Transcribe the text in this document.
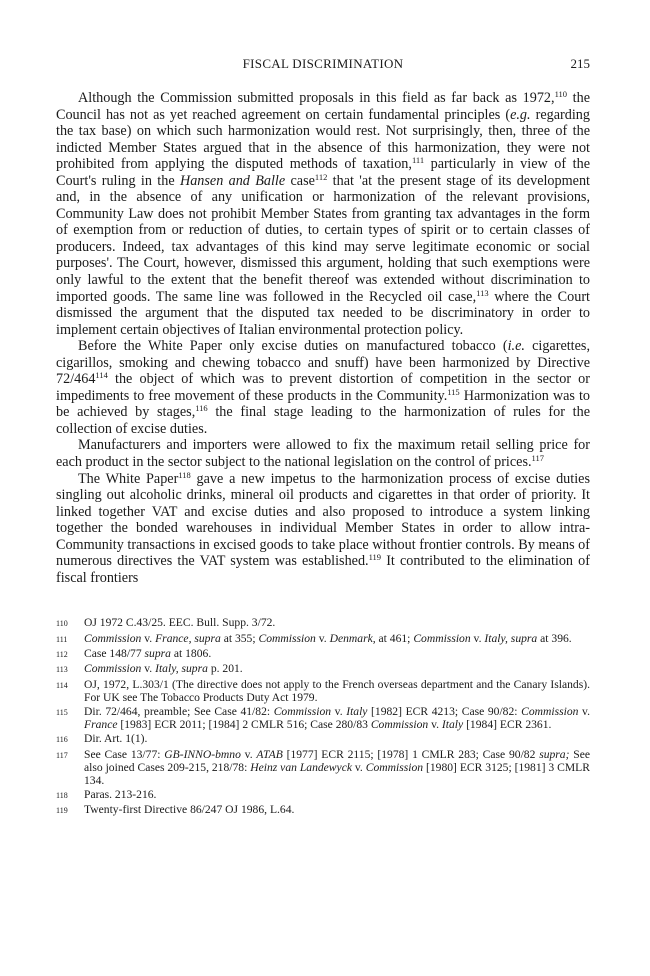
FISCAL DISCRIMINATION	215

Although the Commission submitted proposals in this field as far back as 1972,$^{110}$ the Council has not as yet reached agreement on certain fundamental principles (e.g. regarding the tax base) on which such harmonization would rest. Not surprisingly, then, three of the indicted Member States argued that in the absence of this harmonization, they were not prohibited from applying the disputed methods of taxation,$^{111}$ particularly in view of the Court's ruling in the Hansen and Balle case$^{112}$ that 'at the present stage of its development and, in the absence of any unification or harmonization of the relevant provisions, Community Law does not prohibit Member States from granting tax advantages in the form of exemption from or reduction of duties, to certain types of spirit or to certain classes of producers. Indeed, tax advantages of this kind may serve legitimate economic or social purposes'. The Court, however, dismissed this argument, holding that such exemptions were only lawful to the extent that the benefit thereof was extended without discrimination to imported goods. The same line was followed in the Recycled oil case,$^{113}$ where the Court dismissed the argument that the disputed tax needed to be discriminatory in order to implement certain objectives of Italian environmental protection policy.

Before the White Paper only excise duties on manufactured tobacco (i.e. cigarettes, cigarillos, smoking and chewing tobacco and snuff) have been harmonized by Directive $72/464^{114}$ the object of which was to prevent distortion of competition in the sector or impediments to free movement of these products in the Community.$^{115}$ Harmonization was to be achieved by stages,$^{116}$ the final stage leading to the harmonization of rules for the collection of excise duties.

Manufacturers and importers were allowed to fix the maximum retail selling price for each product in the sector subject to the national legislation on the control of prices.$^{117}$

The White Paper$^{118}$ gave a new impetus to the harmonization process of excise duties singling out alcoholic drinks, mineral oil products and cigarettes in that order of priority. It linked together VAT and excise duties and also proposed to introduce a system linking together the bonded warehouses in individual Member States in order to allow intra-Community transactions in excised goods to take place without frontier controls. By means of numerous directives the VAT system was established.$^{119}$ It contributed to the elimination of fiscal frontiers

110	OJ 1972 C.43/25. EEC. Bull. Supp. 3/72.
111	Commission v. France, supra at 355; Commission v. Denmark, at 461; Commission v. Italy, supra at 396.
112	Case 148/77 supra at 1806.
113	Commission v. Italy, supra p. 201.
114	OJ, 1972, L.303/1 (The directive does not apply to the French overseas department and the Canary Islands). For UK see The Tobacco Products Duty Act 1979.
115	Dir. 72/464, preamble; See Case 41/82: Commission v. Italy [1982] ECR 4213; Case 90/82: Commission v. France [1983] ECR 2011; [1984] 2 CMLR 516; Case 280/83 Commission v. Italy [1984] ECR 2361.
116	Dir. Art. 1(1).
117	See Case 13/77: GB-INNO-bmno v. ATAB [1977] ECR 2115; [1978] 1 CMLR 283; Case 90/82 supra; See also joined Cases 209-215, 218/78: Heinz van Landewyck v. Commission [1980] ECR 3125; [1981] 3 CMLR 134.
118	Paras. 213-216.
119	Twenty-first Directive 86/247 OJ 1986, L.64.
